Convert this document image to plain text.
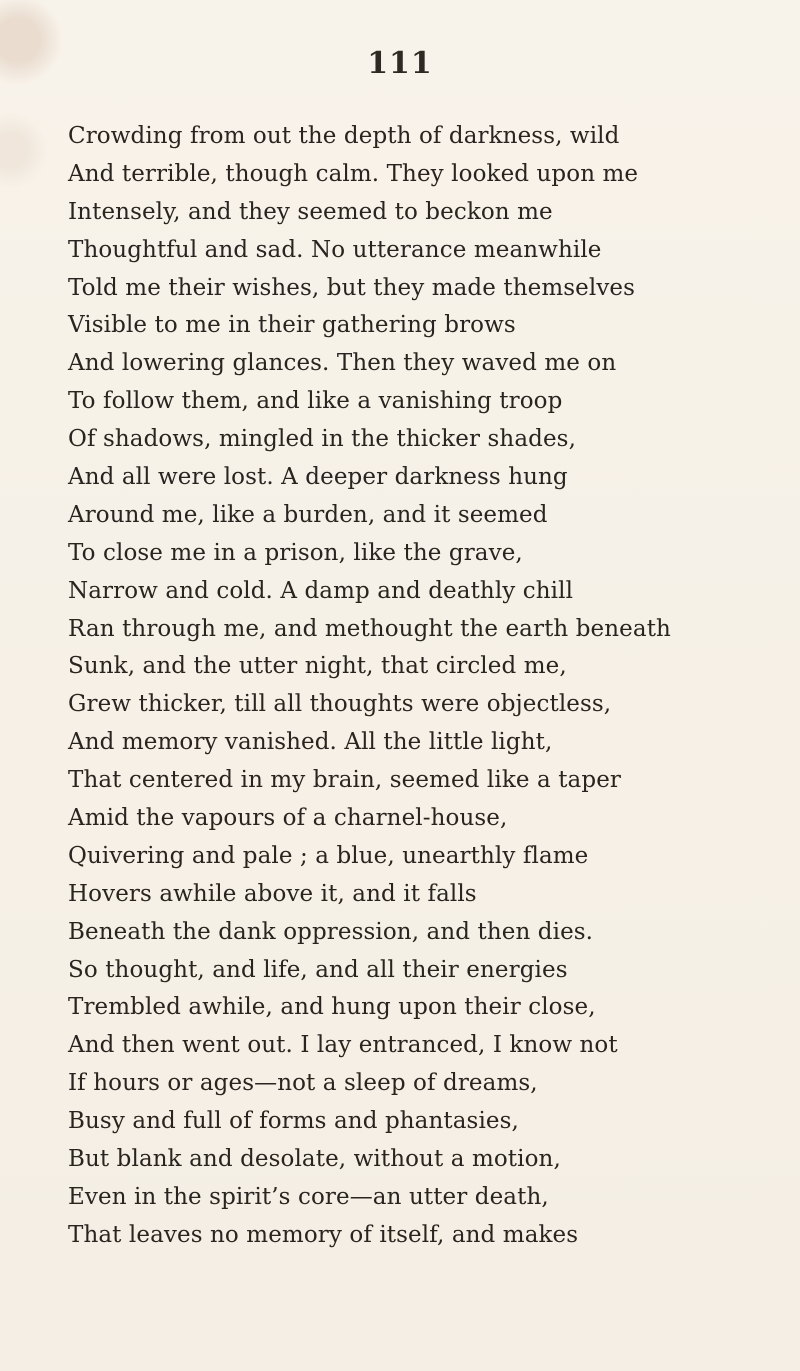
111
Crowding from out the depth of darkness, wild
And terrible, though calm. They looked upon me
Intensely, and they seemed to beckon me
Thoughtful and sad. No utterance meanwhile
Told me their wishes, but they made themselves
Visible to me in their gathering brows
And lowering glances. Then they waved me on
To follow them, and like a vanishing troop
Of shadows, mingled in the thicker shades,
And all were lost. A deeper darkness hung
Around me, like a burden, and it seemed
To close me in a prison, like the grave,
Narrow and cold. A damp and deathly chill
Ran through me, and methought the earth beneath
Sunk, and the utter night, that circled me,
Grew thicker, till all thoughts were objectless,
And memory vanished. All the little light,
That centered in my brain, seemed like a taper
Amid the vapours of a charnel-house,
Quivering and pale ; a blue, unearthly flame
Hovers awhile above it, and it falls
Beneath the dank oppression, and then dies.
So thought, and life, and all their energies
Trembled awhile, and hung upon their close,
And then went out. I lay entranced, I know not
If hours or ages—not a sleep of dreams,
Busy and full of forms and phantasies,
But blank and desolate, without a motion,
Even in the spirit’s core—an utter death,
That leaves no memory of itself, and makes
